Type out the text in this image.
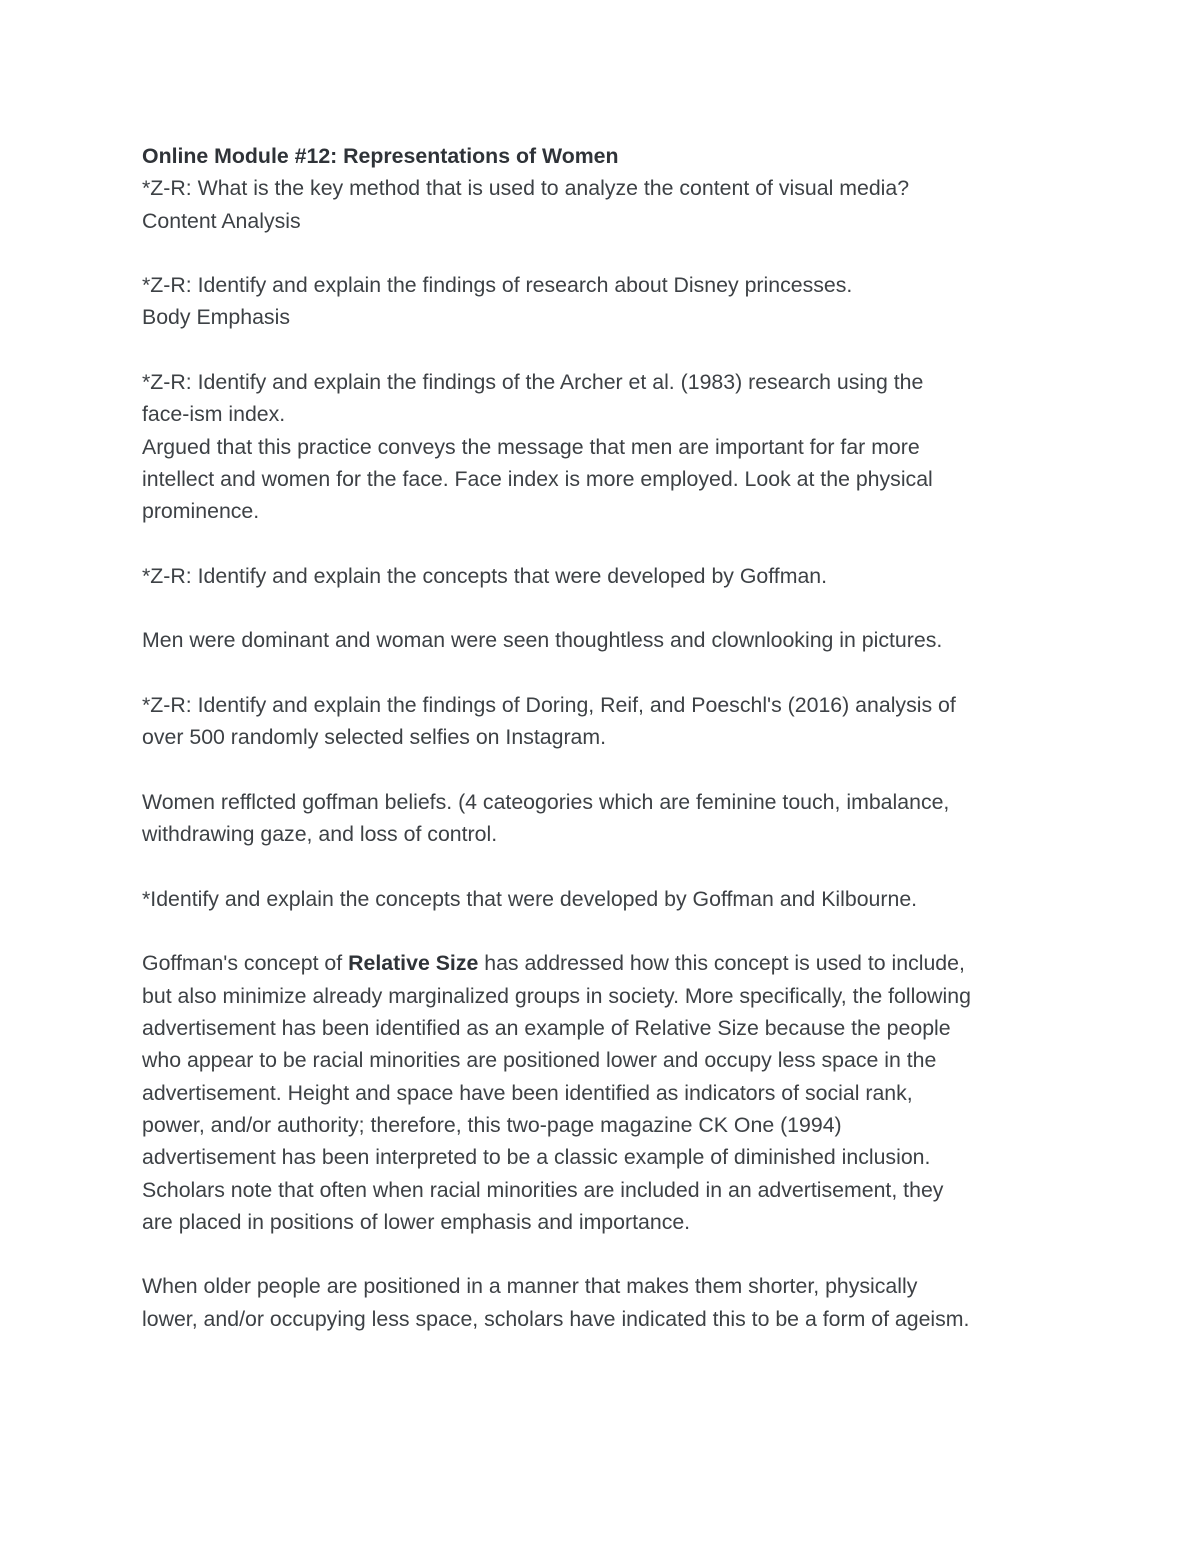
Online Module #12: Representations of Women

*Z-R: What is the key method that is used to analyze the content of visual media?

Content Analysis

*Z-R: Identify and explain the findings of research about Disney princesses.

Body Emphasis

*Z-R: Identify and explain the findings of the Archer et al. (1983) research using the

face-ism index.

Argued that this practice conveys the message that men are important for far more

intellect and women for the face. Face index is more employed. Look at the physical

prominence.

*Z-R: Identify and explain the concepts that were developed by Goffman.

Men were dominant and woman were seen thoughtless and clownlooking in pictures.

*Z-R: Identify and explain the findings of Doring, Reif, and Poeschl's (2016) analysis of

over 500 randomly selected selfies on Instagram.

Women refflcted goffman beliefs. (4 cateogories which are feminine touch, imbalance,

withdrawing gaze, and loss of control.

*Identify and explain the concepts that were developed by Goffman and Kilbourne.

Goffman's concept of Relative Size has addressed how this concept is used to include,

but also minimize already marginalized groups in society. More specifically, the following

advertisement has been identified as an example of Relative Size because the people

who appear to be racial minorities are positioned lower and occupy less space in the

advertisement. Height and space have been identified as indicators of social rank,

power, and/or authority; therefore, this two-page magazine CK One (1994)

advertisement has been interpreted to be a classic example of diminished inclusion.

Scholars note that often when racial minorities are included in an advertisement, they

are placed in positions of lower emphasis and importance.

When older people are positioned in a manner that makes them shorter, physically

lower, and/or occupying less space, scholars have indicated this to be a form of ageism.
